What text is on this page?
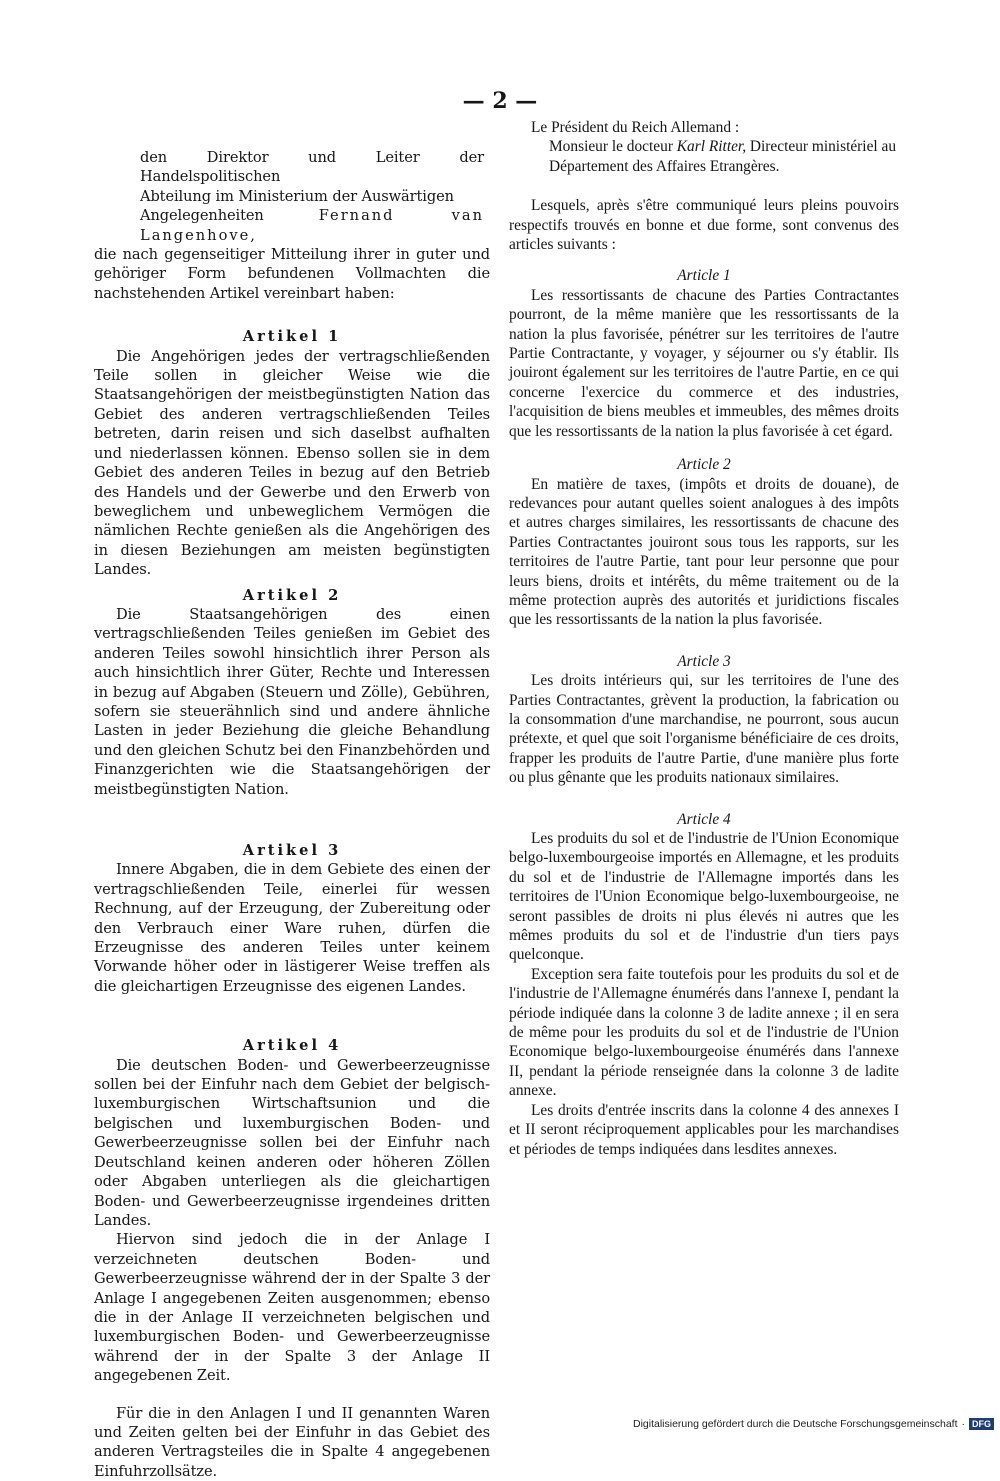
— 2 —

den Direktor und Leiter der Handelspolitischen

Abteilung im Ministerium der Auswärtigen

Angelegenheiten	Fernand van Langenhove,

die nach gegenseitiger Mitteilung ihrer in guter und gehöriger Form befundenen Vollmachten die nachstehenden Artikel vereinbart haben:

Artikel 1

Die Angehörigen jedes der vertragschließenden Teile sollen in gleicher Weise wie die Staatsangehörigen der meistbegünstigten Nation das Gebiet des anderen vertragschließenden Teiles betreten, darin reisen und sich daselbst aufhalten und niederlassen können. Ebenso sollen sie in dem Gebiet des anderen Teiles in bezug auf den Betrieb des Handels und der Gewerbe und den Erwerb von beweglichem und unbeweglichem Vermögen die nämlichen Rechte genießen als die Angehörigen des in diesen Beziehungen am meisten begünstigten Landes.

Artikel 2

Die Staatsangehörigen des einen vertragschließenden Teiles genießen im Gebiet des anderen Teiles sowohl hinsichtlich ihrer Person als auch hinsichtlich ihrer Güter, Rechte und Interessen in bezug auf Abgaben (Steuern und Zölle), Gebühren, sofern sie steuerähnlich sind und andere ähnliche Lasten in jeder Beziehung die gleiche Behandlung und den gleichen Schutz bei den Finanzbehörden und Finanzgerichten wie die Staatsangehörigen der meistbegünstigten Nation.

Artikel 3

Innere Abgaben, die in dem Gebiete des einen der vertragschließenden Teile, einerlei für wessen Rechnung, auf der Erzeugung, der Zubereitung oder den Verbrauch einer Ware ruhen, dürfen die Erzeugnisse des anderen Teiles unter keinem Vorwande höher oder in lästigerer Weise treffen als die gleichartigen Erzeugnisse des eigenen Landes.

Artikel 4

Die deutschen Boden- und Gewerbeerzeugnisse sollen bei der Einfuhr nach dem Gebiet der belgisch-luxemburgischen Wirtschaftsunion und die belgischen und luxemburgischen Boden- und Gewerbeerzeugnisse sollen bei der Einfuhr nach Deutschland keinen anderen oder höheren Zöllen oder Abgaben unterliegen als die gleichartigen Boden- und Gewerbeerzeugnisse irgendeines dritten Landes.

Hiervon sind jedoch die in der Anlage I verzeichneten deutschen Boden- und Gewerbeerzeugnisse während der in der Spalte 3 der Anlage I angegebenen Zeiten ausgenommen; ebenso die in der Anlage II verzeichneten belgischen und luxemburgischen Boden- und Gewerbeerzeugnisse während der in der Spalte 3 der Anlage II angegebenen Zeit.

Für die in den Anlagen I und II genannten Waren und Zeiten gelten bei der Einfuhr in das Gebiet des anderen Vertragsteiles die in Spalte 4 angegebenen Einfuhrzollsätze.

Le Président du Reich Allemand :

Monsieur le docteur Karl Ritter, Directeur ministériel au Département des Affaires Etrangères.

Lesquels, après s'être communiqué leurs pleins pouvoirs respectifs trouvés en bonne et due forme, sont convenus des articles suivants :

Article 1

Les ressortissants de chacune des Parties Contractantes pourront, de la même manière que les ressortissants de la nation la plus favorisée, pénétrer sur les territoires de l'autre Partie Contractante, y voyager, y séjourner ou s'y établir. Ils jouiront également sur les territoires de l'autre Partie, en ce qui concerne l'exercice du commerce et des industries, l'acquisition de biens meubles et immeubles, des mêmes droits que les ressortissants de la nation la plus favorisée à cet égard.

Article 2

En matière de taxes, (impôts et droits de douane), de redevances pour autant quelles soient analogues à des impôts et autres charges similaires, les ressortissants de chacune des Parties Contractantes jouiront sous tous les rapports, sur les territoires de l'autre Partie, tant pour leur personne que pour leurs biens, droits et intérêts, du même traitement ou de la même protection auprès des autorités et juridictions fiscales que les ressortissants de la nation la plus favorisée.

Article 3

Les droits intérieurs qui, sur les territoires de l'une des Parties Contractantes, grèvent la production, la fabrication ou la consommation d'une marchandise, ne pourront, sous aucun prétexte, et quel que soit l'organisme bénéficiaire de ces droits, frapper les produits de l'autre Partie, d'une manière plus forte ou plus gênante que les produits nationaux similaires.

Article 4

Les produits du sol et de l'industrie de l'Union Economique belgo-luxembourgeoise importés en Allemagne, et les produits du sol et de l'industrie de l'Allemagne importés dans les territoires de l'Union Economique belgo-luxembourgeoise, ne seront passibles de droits ni plus élevés ni autres que les mêmes produits du sol et de l'industrie d'un tiers pays quelconque.

Exception sera faite toutefois pour les produits du sol et de l'industrie de l'Allemagne énumérés dans l'annexe I, pendant la période indiquée dans la colonne 3 de ladite annexe ; il en sera de même pour les produits du sol et de l'industrie de l'Union Economique belgo-luxembourgeoise énumérés dans l'annexe II, pendant la période renseignée dans la colonne 3 de ladite annexe.

Les droits d'entrée inscrits dans la colonne 4 des annexes I et II seront réciproquement applicables pour les marchandises et périodes de temps indiquées dans lesdites annexes.

Digitalisierung gefördert durch die Deutsche Forschungsgemeinschaft · DFG
